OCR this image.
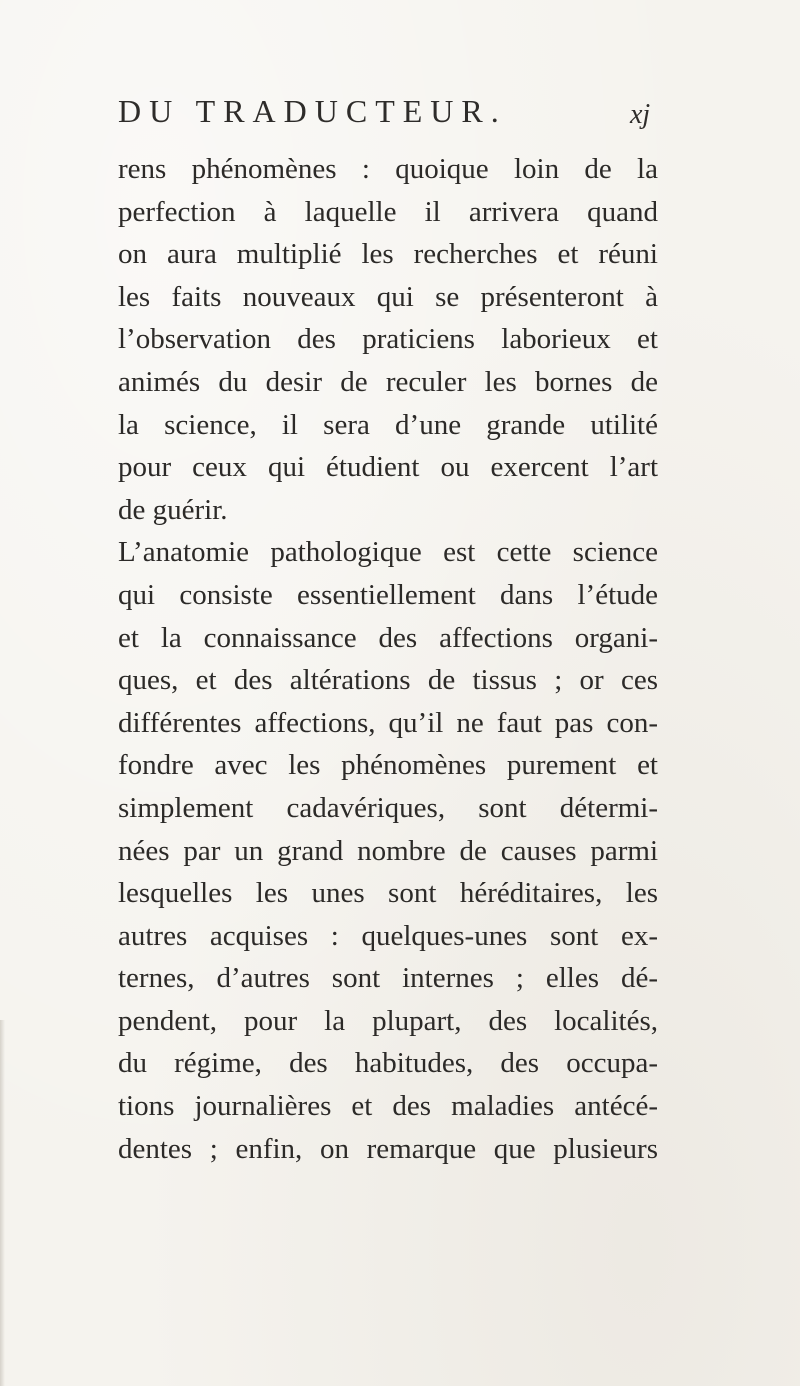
DU TRADUCTEUR.	xj
rens phénomènes : quoique loin de la
perfection à laquelle il arrivera quand
on aura multiplié les recherches et réuni
les faits nouveaux qui se présenteront à
l’observation des praticiens laborieux et
animés du desir de reculer les bornes de
la science, il sera d’une grande utilité
pour ceux qui étudient ou exercent l’art
de guérir.
L’anatomie pathologique est cette science
qui consiste essentiellement dans l’étude
et la connaissance des affections organi-
ques, et des altérations de tissus ; or ces
différentes affections, qu’il ne faut pas con-
fondre avec les phénomènes purement et
simplement cadavériques, sont détermi-
nées par un grand nombre de causes parmi
lesquelles les unes sont héréditaires, les
autres acquises : quelques-unes sont ex-
ternes, d’autres sont internes ; elles dé-
pendent, pour la plupart, des localités,
du régime, des habitudes, des occupa-
tions journalières et des maladies antécé-
dentes ; enfin, on remarque que plusieurs
